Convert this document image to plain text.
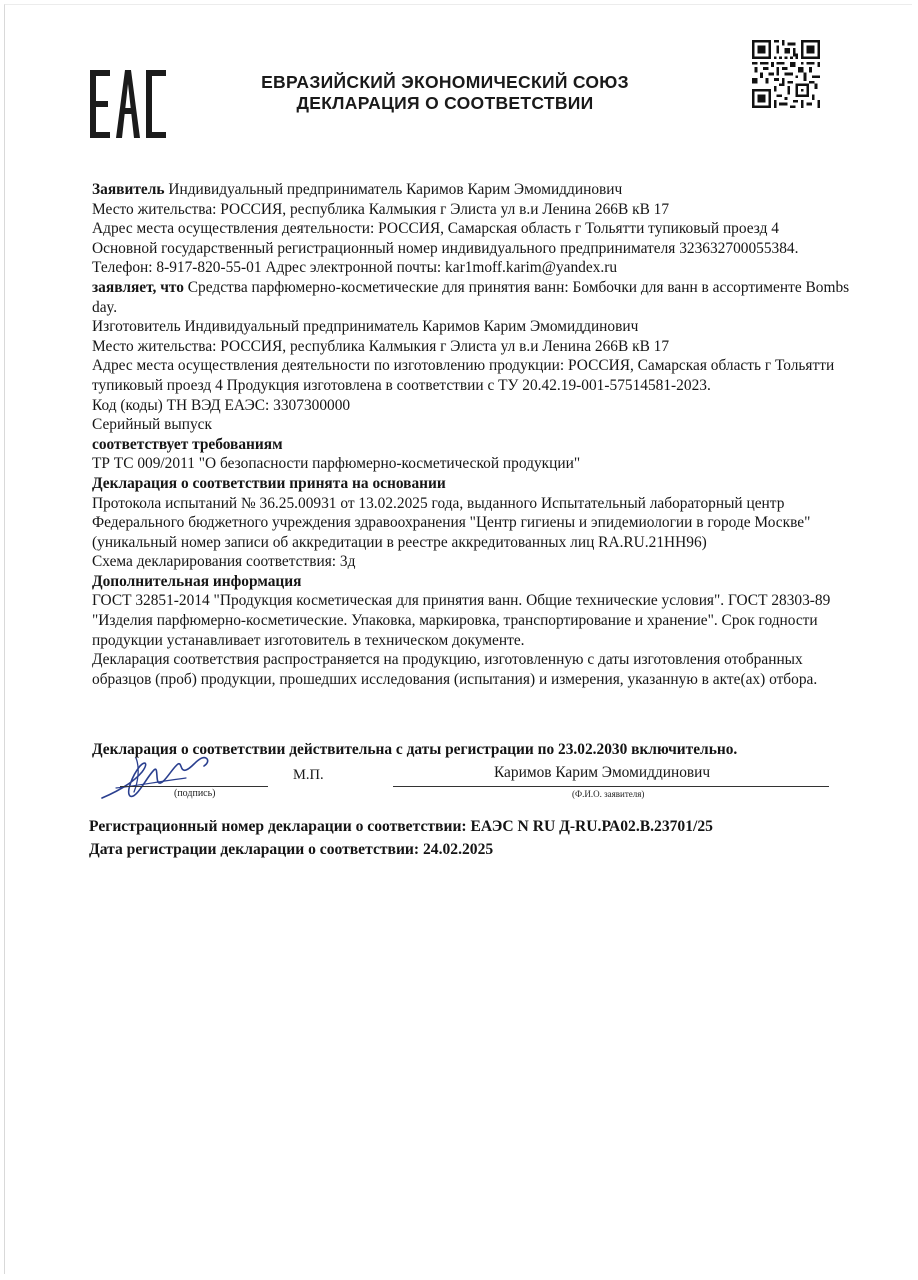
ЕВРАЗИЙСКИЙ ЭКОНОМИЧЕСКИЙ СОЮЗ
ДЕКЛАРАЦИЯ О СООТВЕТСТВИИ

Заявитель Индивидуальный предприниматель Каримов Карим Эмомиддинович

Место жительства: РОССИЯ, республика Калмыкия г Элиста ул в.и Ленина 266В кВ 17

Адрес места осуществления деятельности: РОССИЯ, Самарская область г Тольятти тупиковый проезд 4

Основной государственный регистрационный номер индивидуального предпринимателя 323632700055384.

Телефон: 8-917-820-55-01 Адрес электронной почты: kar1moff.karim@yandex.ru

заявляет, что Средства парфюмерно-косметические для принятия ванн: Бомбочки для ванн в ассортименте Bombs day.

Изготовитель Индивидуальный предприниматель Каримов Карим Эмомиддинович

Место жительства: РОССИЯ, республика Калмыкия г Элиста ул в.и Ленина 266В кВ 17

Адрес места осуществления деятельности по изготовлению продукции: РОССИЯ, Самарская область г Тольятти тупиковый проезд 4 Продукция изготовлена в соответствии с ТУ 20.42.19-001-57514581-2023.

Код (коды) ТН ВЭД ЕАЭС: 3307300000

Серийный выпуск

соответствует требованиям

ТР ТС 009/2011 "О безопасности парфюмерно-косметической продукции"

Декларация о соответствии принята на основании

Протокола испытаний № 36.25.00931 от 13.02.2025 года, выданного Испытательный лабораторный центр Федерального бюджетного учреждения здравоохранения "Центр гигиены и эпидемиологии в городе Москве" (уникальный номер записи об аккредитации в реестре аккредитованных лиц RA.RU.21НН96)

Схема декларирования соответствия: 3д

Дополнительная информация

ГОСТ 32851-2014 "Продукция косметическая для принятия ванн. Общие технические условия". ГОСТ 28303-89 "Изделия парфюмерно-косметические. Упаковка, маркировка, транспортирование и хранение". Срок годности продукции устанавливает изготовитель в техническом документе.

Декларация соответствия распространяется на продукцию, изготовленную с даты изготовления отобранных образцов (проб) продукции, прошедших исследования (испытания) и измерения, указанную в акте(ах) отбора.

Декларация о соответствии действительна с даты регистрации по 23.02.2030 включительно.
(подпись)
М.П.	Каримов Карим Эмомиддинович
(Ф.И.О. заявителя)
Регистрационный номер декларации о соответствии: ЕАЭС N RU Д-RU.РА02.В.23701/25
Дата регистрации декларации о соответствии: 24.02.2025
